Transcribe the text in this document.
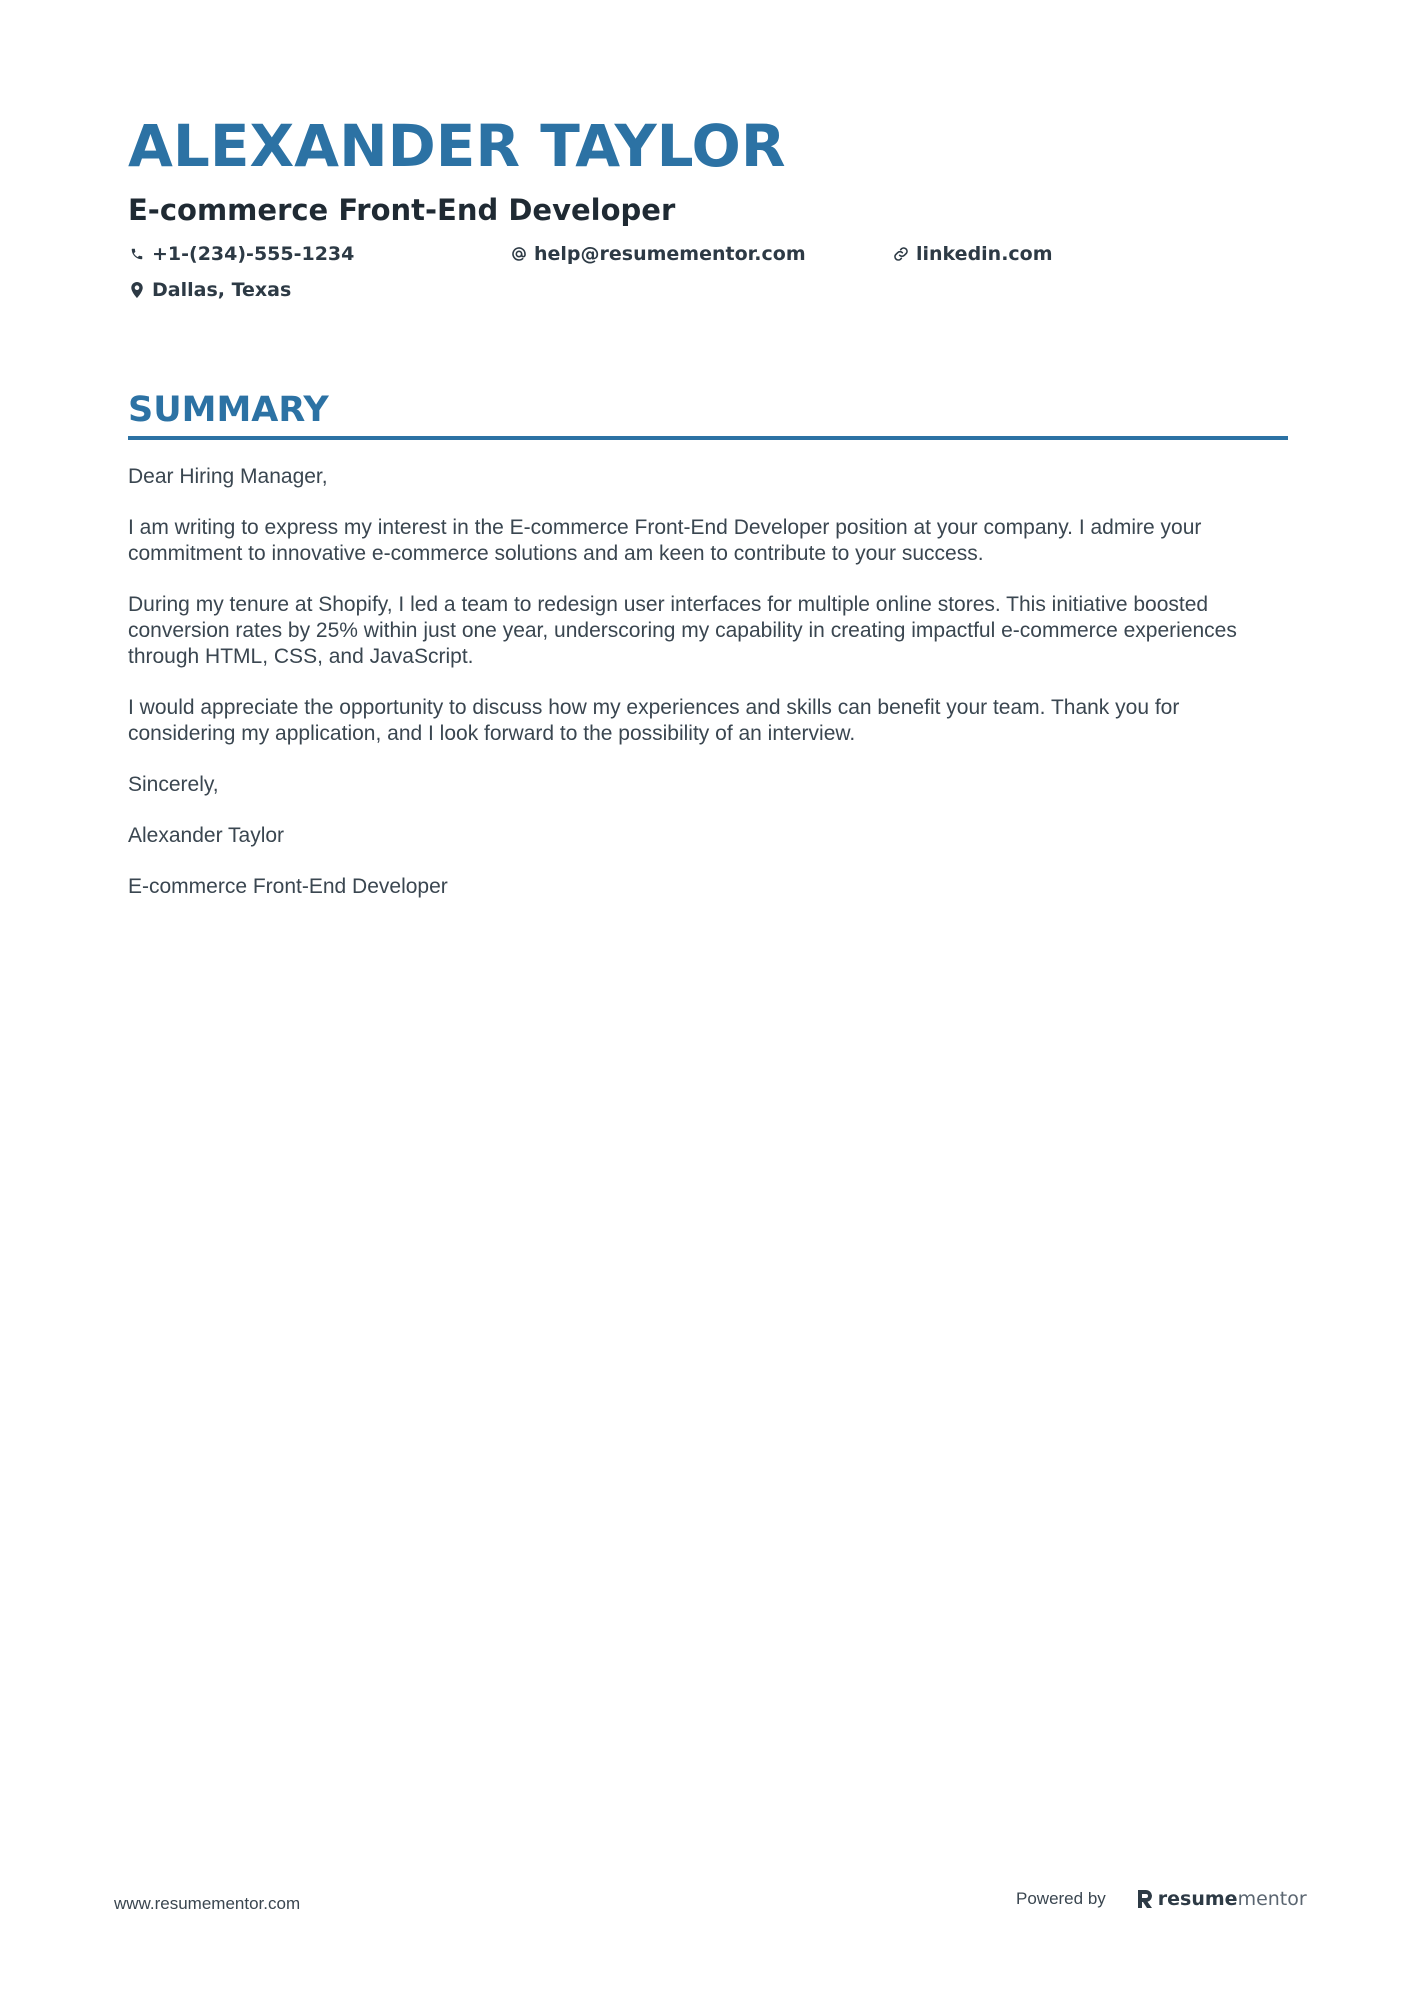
ALEXANDER TAYLOR
E-commerce Front-End Developer
+1-(234)-555-1234	help@resumementor.com	linkedin.com
Dallas, Texas
SUMMARY

Dear Hiring Manager,

I am writing to express my interest in the E-commerce Front-End Developer position at your company. I admire your commitment to innovative e-commerce solutions and am keen to contribute to your success.

During my tenure at Shopify, I led a team to redesign user interfaces for multiple online stores. This initiative boosted conversion rates by 25% within just one year, underscoring my capability in creating impactful e-commerce experiences through HTML, CSS, and JavaScript.

I would appreciate the opportunity to discuss how my experiences and skills can benefit your team. Thank you for considering my application, and I look forward to the possibility of an interview.

Sincerely,

Alexander Taylor

E-commerce Front-End Developer

www.resumementor.com	Powered by	resume mentor
